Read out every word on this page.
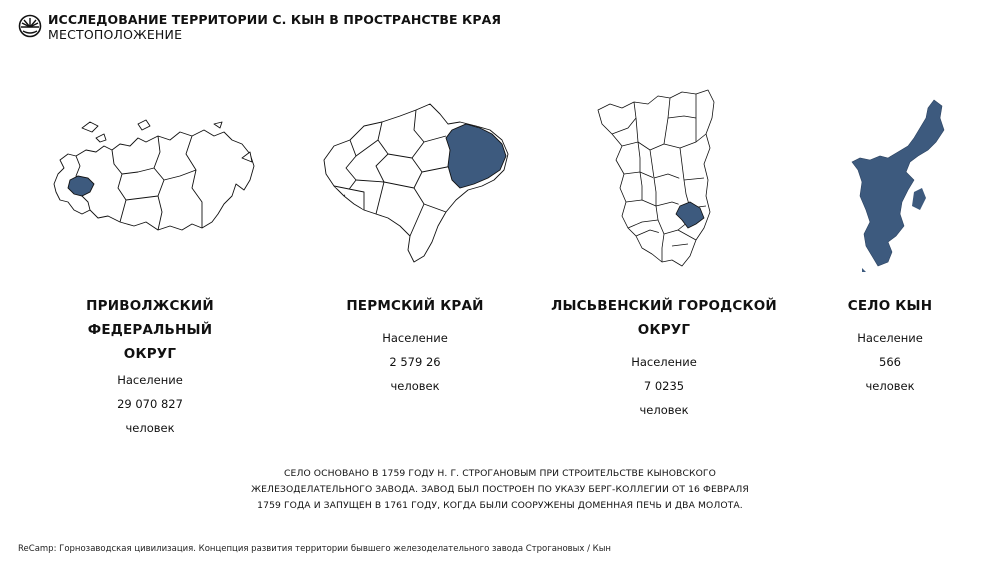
ИССЛЕДОВАНИЕ ТЕРРИТОРИИ С. КЫН В ПРОСТРАНСТВЕ КРАЯ
МЕСТОПОЛОЖЕНИЕ
ПРИВОЛЖСКИЙ ФЕДЕРАЛЬНЫЙ
ОКРУГ
Население
29 070 827
человек
ПЕРМСКИЙ КРАЙ
Население
2 579 26
человек
ЛЫСЬВЕНСКИЙ ГОРОДСКОЙ ОКРУГ
Население
7 0235
человек
СЕЛО КЫН
Население
566
человек
СЕЛО ОСНОВАНО В 1759 ГОДУ Н. Г. СТРОГАНОВЫМ ПРИ СТРОИТЕЛЬСТВЕ КЫНОВСКОГО ЖЕЛЕЗОДЕЛАТЕЛЬНОГО ЗАВОДА. ЗАВОД БЫЛ ПОСТРОЕН ПО УКАЗУ БЕРГ-КОЛЛЕГИИ ОТ 16 ФЕВРАЛЯ 1759 ГОДА И ЗАПУЩЕН В 1761 ГОДУ, КОГДА БЫЛИ СООРУЖЕНЫ ДОМЕННАЯ ПЕЧЬ И ДВА МОЛОТА.
ReCamp: Горнозаводская цивилизация. Концепция развития территории бывшего железоделательного завода Строгановых / Кын
